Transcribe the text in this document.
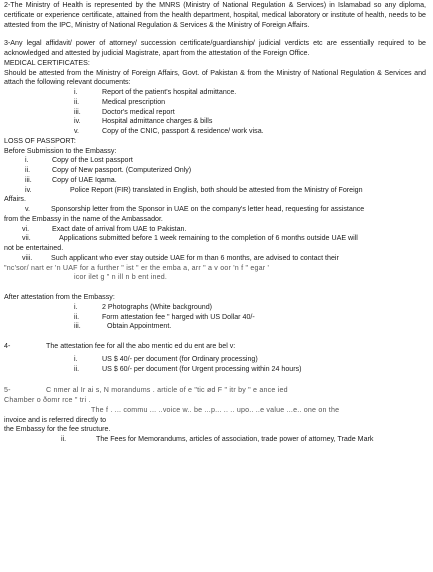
2-The Ministry of Health is represented by the MNRS (Ministry of National Regulation & Services) in Islamabad so any diploma, certificate or experience certificate, attained from the health department, hospital, medical laboratory or institute of health, needs to be attested from the IPC, Ministry of National Regulation & Services & the Ministry of Foreign Affairs.

3-Any legal affidavit/ power of attorney/ succession certificate/guardianship/ judicial verdicts etc are essentially required to be acknowledged and attested by judicial Magistrate, apart from the attestation of the Foreign Office.

MEDICAL CERTIFICATES:

Should be attested from the Ministry of Foreign Affairs, Govt. of Pakistan & from the Ministry of National Regulation & Services and attach the following relevant documents:

i.	Report of the patient's hospital admittance.
ii.	Medical prescription
iii.	Doctor's medical report
iv.	Hospital admittance charges & bills
v.	Copy of the CNIC, passport & residence/ work visa.

LOSS OF PASSPORT:

Before Submission to the Embassy:

i.	Copy of the Lost passport
ii.	Copy of New passport. (Computerized Only)
iii.	Copy of UAE Iqama.
iv.	Police Report (FIR) translated in English, both should be attested from the Ministry of Foreign
Affairs.
v.	Sponsorship letter from the Sponsor in UAE on the company's letter head, requesting for assistance
from the Embassy in the name of the Ambassador.
vi.	Exact date of arrival from UAE to Pakistan.
vii.	Applications submitted before 1 week remaining to the completion of 6 months outside UAE will
not be entertained.
viii.	Such applicant who ever stay outside UAE for m than 6 months, are advised to contact their
"nc'sor/ nart er 'n UAF for a further " ist " er the emba a, arr " a v oor 'n f " egar '
icor ilet g " n ill n b ent ined.

After attestation from the Embassy:

i.	2 Photographs (White background)
ii.	Form attestation fee " harged with US Dollar 40/-
iii.	Obtain Appointment.
4-	The attestation fee for all the abo mentic ed du ent are bel v:
i.	US $ 40/- per document (for Ordinary processing)
ii.	US $ 60/- per document (for Urgent processing within 24 hours)
5-	C nmer al Ir ai s, N morandums . article of e "tic ød F " itr by " e ance ied
Chamber o ðomr rce " tri .
The f . ... commu ... ..voice w.. be ...p... .. .. upo.. ..e value ...e.. one on the
invoice and is referred directly to
the Embassy for the fee structure.
ii.	The Fees for Memorandums, articles of association, trade power of attorney, Trade Mark
